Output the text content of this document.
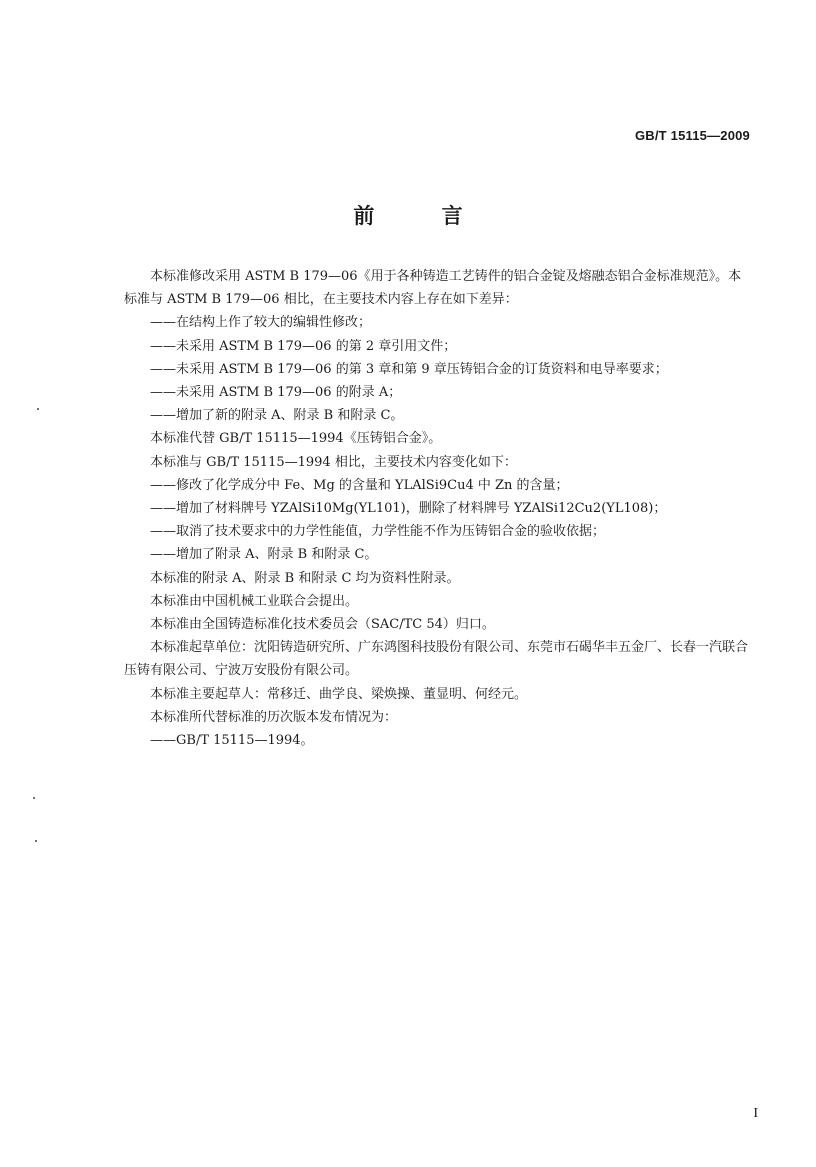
GB/T 15115—2009
前 言

本标准修改采用 ASTM B 179—06《用于各种铸造工艺铸件的铝合金锭及熔融态铝合金标准规范》。本标准与 ASTM B 179—06 相比，在主要技术内容上存在如下差异：

——在结构上作了较大的编辑性修改；

——未采用 ASTM B 179—06 的第 2 章引用文件；

——未采用 ASTM B 179—06 的第 3 章和第 9 章压铸铝合金的订货资料和电导率要求；

——未采用 ASTM B 179—06 的附录 A；

——增加了新的附录 A、附录 B 和附录 C。

本标准代替 GB/T 15115—1994《压铸铝合金》。

本标准与 GB/T 15115—1994 相比，主要技术内容变化如下：

——修改了化学成分中 Fe、Mg 的含量和 YLAlSi9Cu4 中 Zn 的含量；

——增加了材料牌号 YZAlSi10Mg(YL101)，删除了材料牌号 YZAlSi12Cu2(YL108)；

——取消了技术要求中的力学性能值，力学性能不作为压铸铝合金的验收依据；

——增加了附录 A、附录 B 和附录 C。

本标准的附录 A、附录 B 和附录 C 均为资料性附录。

本标准由中国机械工业联合会提出。

本标准由全国铸造标准化技术委员会（SAC/TC 54）归口。

本标准起草单位：沈阳铸造研究所、广东鸿图科技股份有限公司、东莞市石碣华丰五金厂、长春一汽联合压铸有限公司、宁波万安股份有限公司。

本标准主要起草人：常移迁、曲学良、梁焕操、董显明、何经元。

本标准所代替标准的历次版本发布情况为：

——GB/T 15115—1994。

I
